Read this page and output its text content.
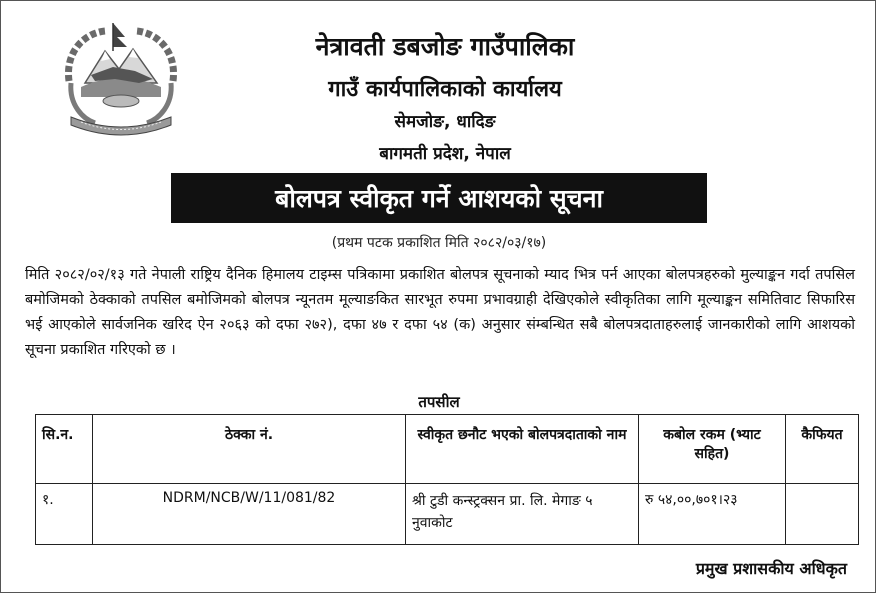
नेत्रावती डबजोङ गाउँपालिका
गाउँ कार्यपालिकाको कार्यालय
सेमजोङ, धादिङ
बागमती प्रदेश, नेपाल
बोलपत्र स्वीकृत गर्ने आशयको सूचना
(प्रथम पटक प्रकाशित मिति २०८२/०३/१७)
मिति २०८२/०२/१३ गते नेपाली राष्ट्रिय दैनिक हिमालय टाइम्स पत्रिकामा प्रकाशित बोलपत्र सूचनाको म्याद भित्र पर्न आएका बोलपत्रहरुको मुल्याङ्कन गर्दा तपसिल बमोजिमको ठेक्काको तपसिल बमोजिमको बोलपत्र न्यूनतम मूल्याङकित सारभूत रुपमा प्रभावग्राही देखिएकोले स्वीकृतिका लागि मूल्याङ्कन समितिवाट सिफारिस भई आएकोले सार्वजनिक खरिद ऐन २०६३ को दफा २७२), दफा ४७ र दफा ५४ (क) अनुसार संम्बन्धित सबै बोलपत्रदाताहरुलाई जानकारीको लागि आशयको सूचना प्रकाशित गरिएको छ ।
तपसील
सि.न.	ठेक्का नं.	स्वीकृत छनौट भएको बोलपत्रदाताको नाम	कबोल रकम (भ्याट सहित)	कैफियत
१.	NDRM/NCB/W/11/081/82	श्री टुडी कन्स्ट्रक्सन प्रा. लि. मेगाङ ५ नुवाकोट	रु ५४,००,७०१।२३	
प्रमुख प्रशासकीय अधिकृत
